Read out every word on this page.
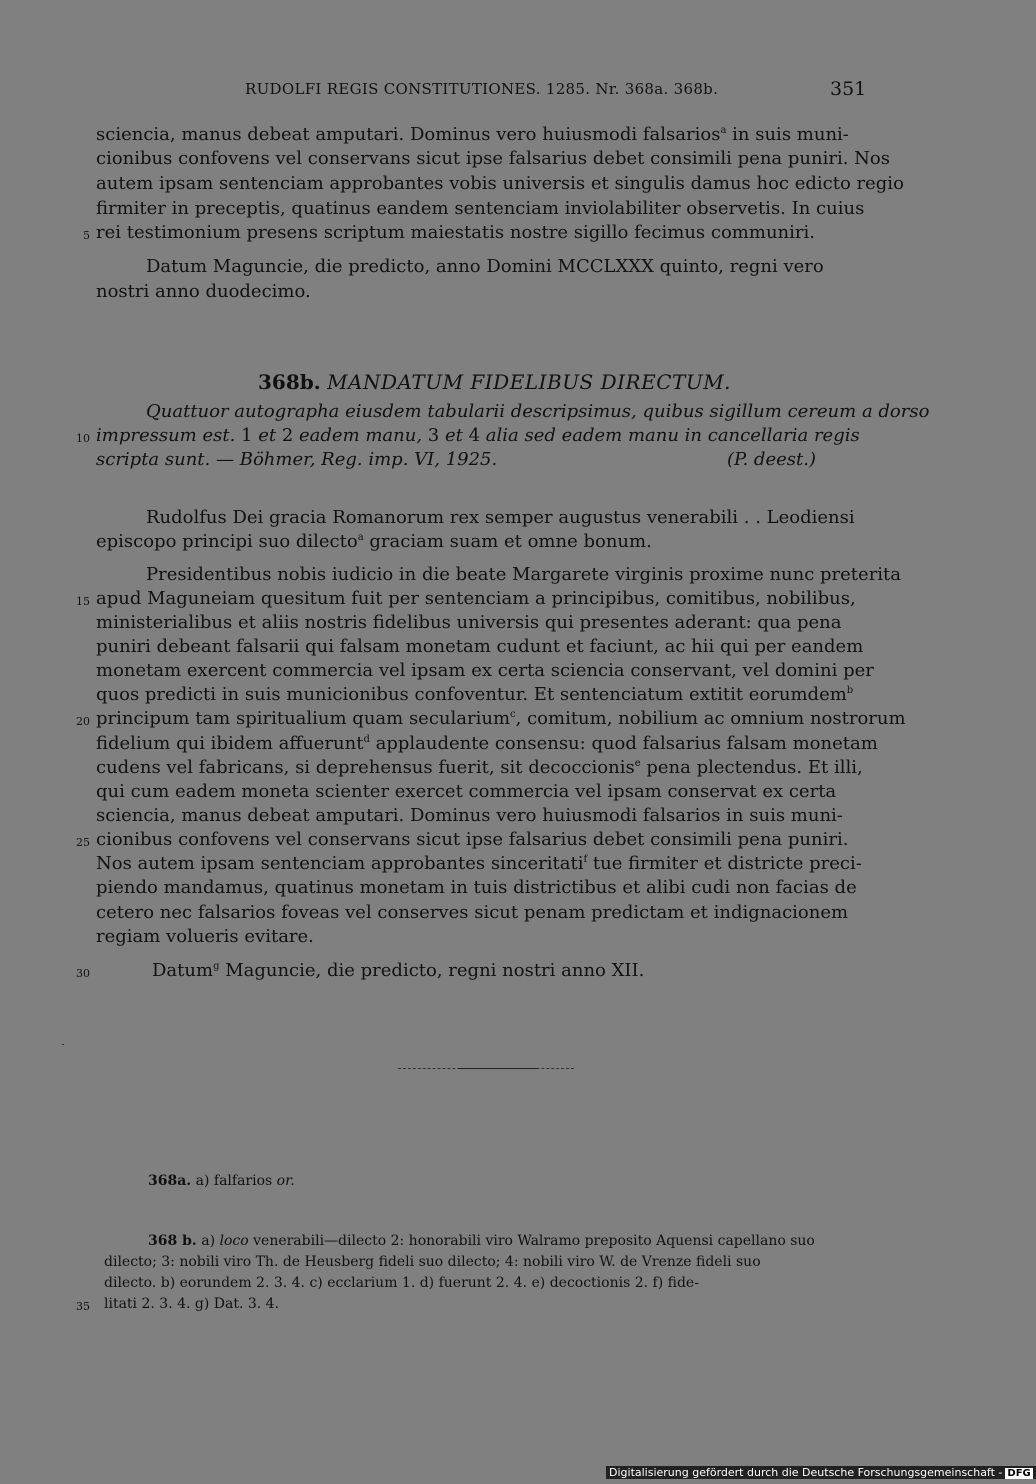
RUDOLFI REGIS CONSTITUTIONES. 1285. Nr. 368a. 368b.	351
sciencia, manus debeat amputari. Dominus vero huiusmodi falsarios$^a$ in suis muni-
cionibus confovens vel conservans sicut ipse falsarius debet consimili pena puniri. Nos
autem ipsam sentenciam approbantes vobis universis et singulis damus hoc edicto regio
firmiter in preceptis, quatinus eandem sentenciam inviolabiliter observetis. In cuius
5 rei testimonium presens scriptum maiestatis nostre sigillo fecimus communiri.
Datum Maguncie, die predicto, anno Domini MCCLXXX quinto, regni vero
nostri anno duodecimo.
368b. MANDATUM FIDELIBUS DIRECTUM.
Quattuor autographa eiusdem tabularii descripsimus, quibus sigillum cereum a dorso
10 impressum est. 1 et 2 eadem manu, 3 et 4 alia sed eadem manu in cancellaria regis
scripta sunt. — Böhmer, Reg. imp. VI, 1925.	(P. deest.)
Rudolfus Dei gracia Romanorum rex semper augustus venerabili . . Leodiensi
episcopo principi suo dilecto$^a$ graciam suam et omne bonum.
Presidentibus nobis iudicio in die beate Margarete virginis proxime nunc preterita
15 apud Maguneiam quesitum fuit per sentenciam a principibus, comitibus, nobilibus,
ministerialibus et aliis nostris fidelibus universis qui presentes aderant: qua pena
puniri debeant falsarii qui falsam monetam cudunt et faciunt, ac hii qui per eandem
monetam exercent commercia vel ipsam ex certa sciencia conservant, vel domini per
quos predicti in suis municionibus confoventur. Et sentenciatum extitit eorumdem$^b$
20 principum tam spiritualium quam secularium$^c$, comitum, nobilium ac omnium nostrorum
fidelium qui ibidem affuerunt$^d$ applaudente consensu: quod falsarius falsam monetam
cudens vel fabricans, si deprehensus fuerit, sit decoccionis$^e$ pena plectendus. Et illi,
qui cum eadem moneta scienter exercet commercia vel ipsam conservat ex certa
sciencia, manus debeat amputari. Dominus vero huiusmodi falsarios in suis muni-
25 cionibus confovens vel conservans sicut ipse falsarius debet consimili pena puniri.
Nos autem ipsam sentenciam approbantes sinceritati$^f$ tue firmiter et districte preci-
piendo mandamus, quatinus monetam in tuis districtibus et alibi cudi non facias de
cetero nec falsarios foveas vel conserves sicut penam predictam et indignacionem
regiam volueris evitare.
30	Datum$^g$ Maguncie, die predicto, regni nostri anno XII.
368a. a) falfarios or.
368 b. a) loco venerabili—dilecto 2: honorabili viro Walramo preposito Aquensi capellano suo
dilecto; 3: nobili viro Th. de Heusberg fideli suo dilecto; 4: nobili viro W. de Vrenze fideli suo
dilecto. b) eorundem 2. 3. 4. c) ecclarium 1. d) fuerunt 2. 4. e) decoctionis 2. f) fide-
35 litati 2. 3. 4. g) Dat. 3. 4.
Digitalisierung gefördert durch die Deutsche Forschungsgemeinschaft - DFG
